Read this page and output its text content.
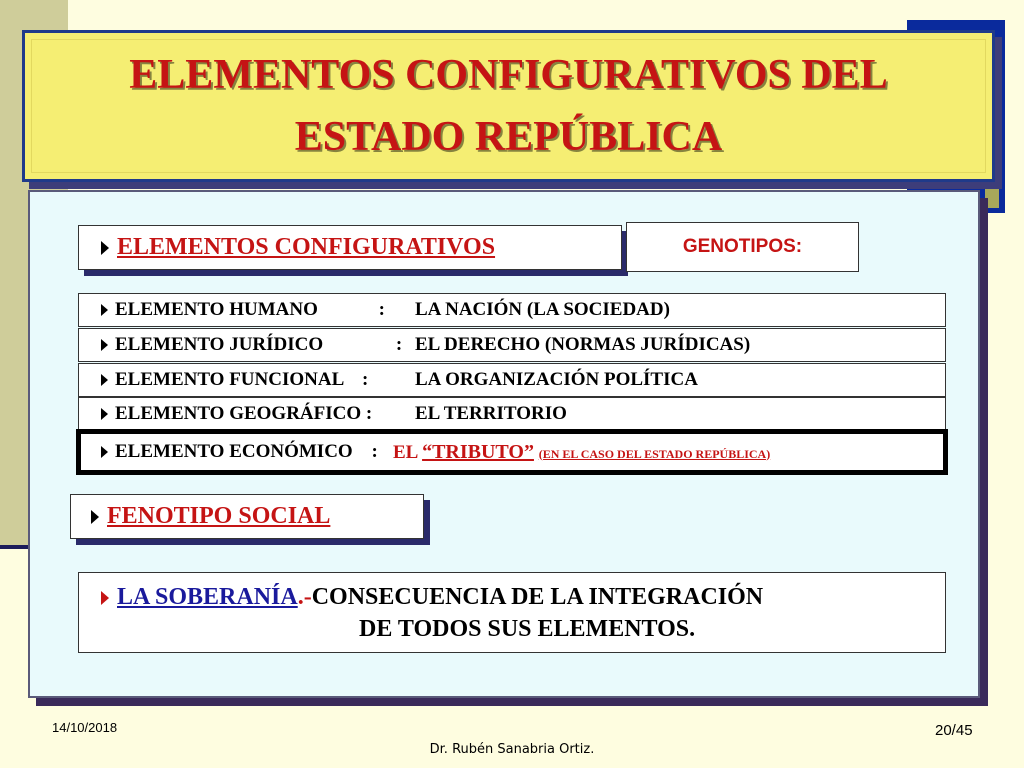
ELEMENTOS CONFIGURATIVOS DEL
ESTADO REPÚBLICA
ELEMENTOS CONFIGURATIVOS	GENOTIPOS:
ELEMENTO HUMANO	:	LA NACIÓN (LA SOCIEDAD)
ELEMENTO JURÍDICO	: EL DERECHO (NORMAS JURÍDICAS)
ELEMENTO FUNCIONAL :	LA ORGANIZACIÓN POLÍTICA
ELEMENTO GEOGRÁFICO :	EL TERRITORIO
ELEMENTO ECONÓMICO : EL “TRIBUTO” (EN EL CASO DEL ESTADO REPÚBLICA)
FENOTIPO SOCIAL
LA SOBERANÍA.-CONSECUENCIA DE LA INTEGRACIÓN
DE TODOS SUS ELEMENTOS.
14/10/2018	20/45
Dr. Rubén Sanabria Ortiz.
